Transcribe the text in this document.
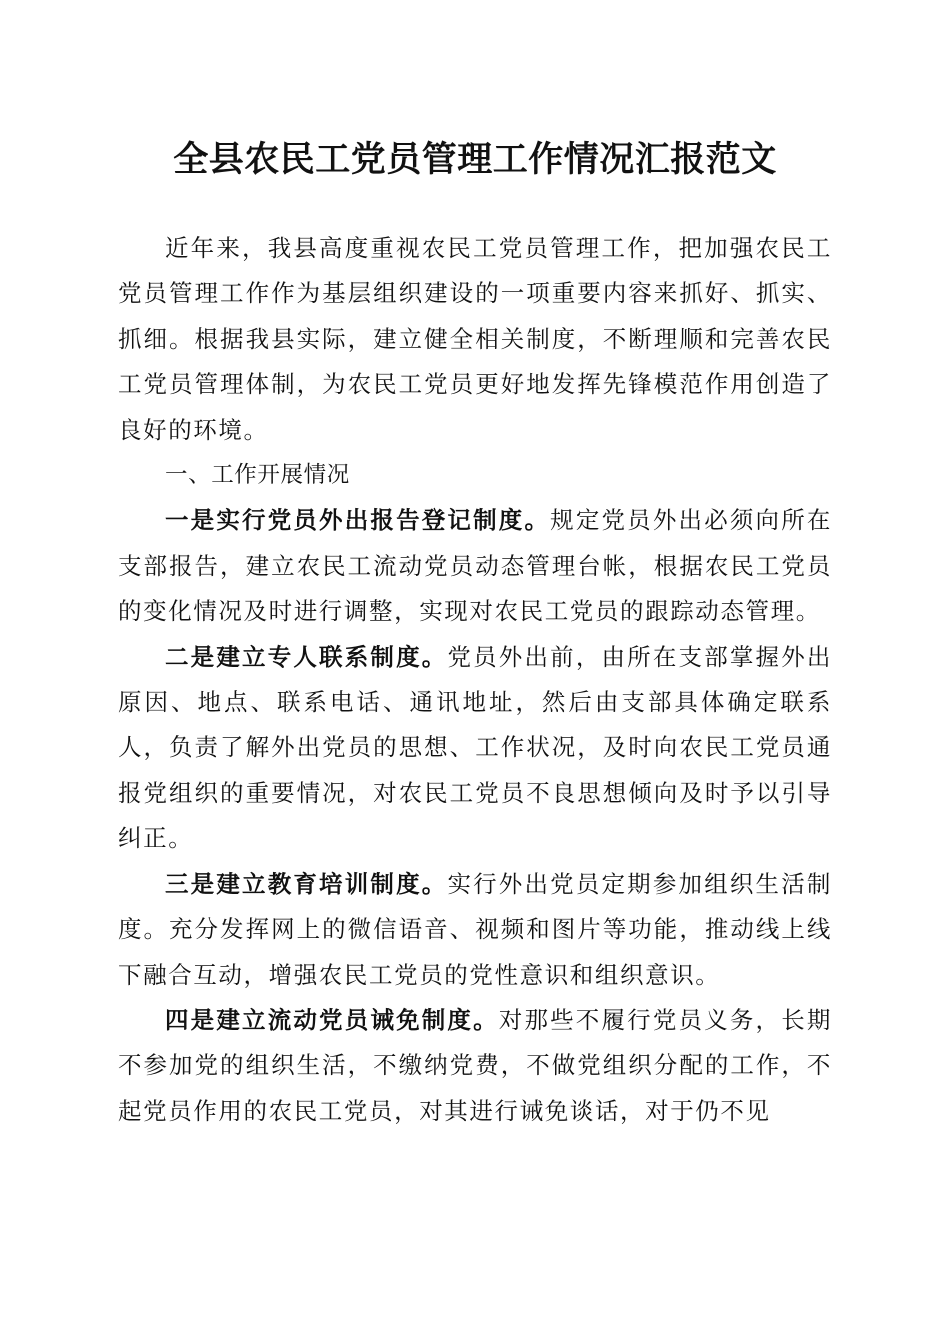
全县农民工党员管理工作情况汇报范文

近年来，我县高度重视农民工党员管理工作，把加强农民工党员管理工作作为基层组织建设的一项重要内容来抓好、抓实、抓细。根据我县实际，建立健全相关制度，不断理顺和完善农民工党员管理体制，为农民工党员更好地发挥先锋模范作用创造了良好的环境。

一、工作开展情况

一是实行党员外出报告登记制度。规定党员外出必须向所在支部报告，建立农民工流动党员动态管理台帐，根据农民工党员的变化情况及时进行调整，实现对农民工党员的跟踪动态管理。

二是建立专人联系制度。党员外出前，由所在支部掌握外出原因、地点、联系电话、通讯地址，然后由支部具体确定联系人，负责了解外出党员的思想、工作状况，及时向农民工党员通报党组织的重要情况，对农民工党员不良思想倾向及时予以引导纠正。

三是建立教育培训制度。实行外出党员定期参加组织生活制度。充分发挥网上的微信语音、视频和图片等功能，推动线上线下融合互动，增强农民工党员的党性意识和组织意识。

四是建立流动党员诫免制度。对那些不履行党员义务，长期不参加党的组织生活，不缴纳党费，不做党组织分配的工作，不起党员作用的农民工党员，对其进行诫免谈话，对于仍不见
